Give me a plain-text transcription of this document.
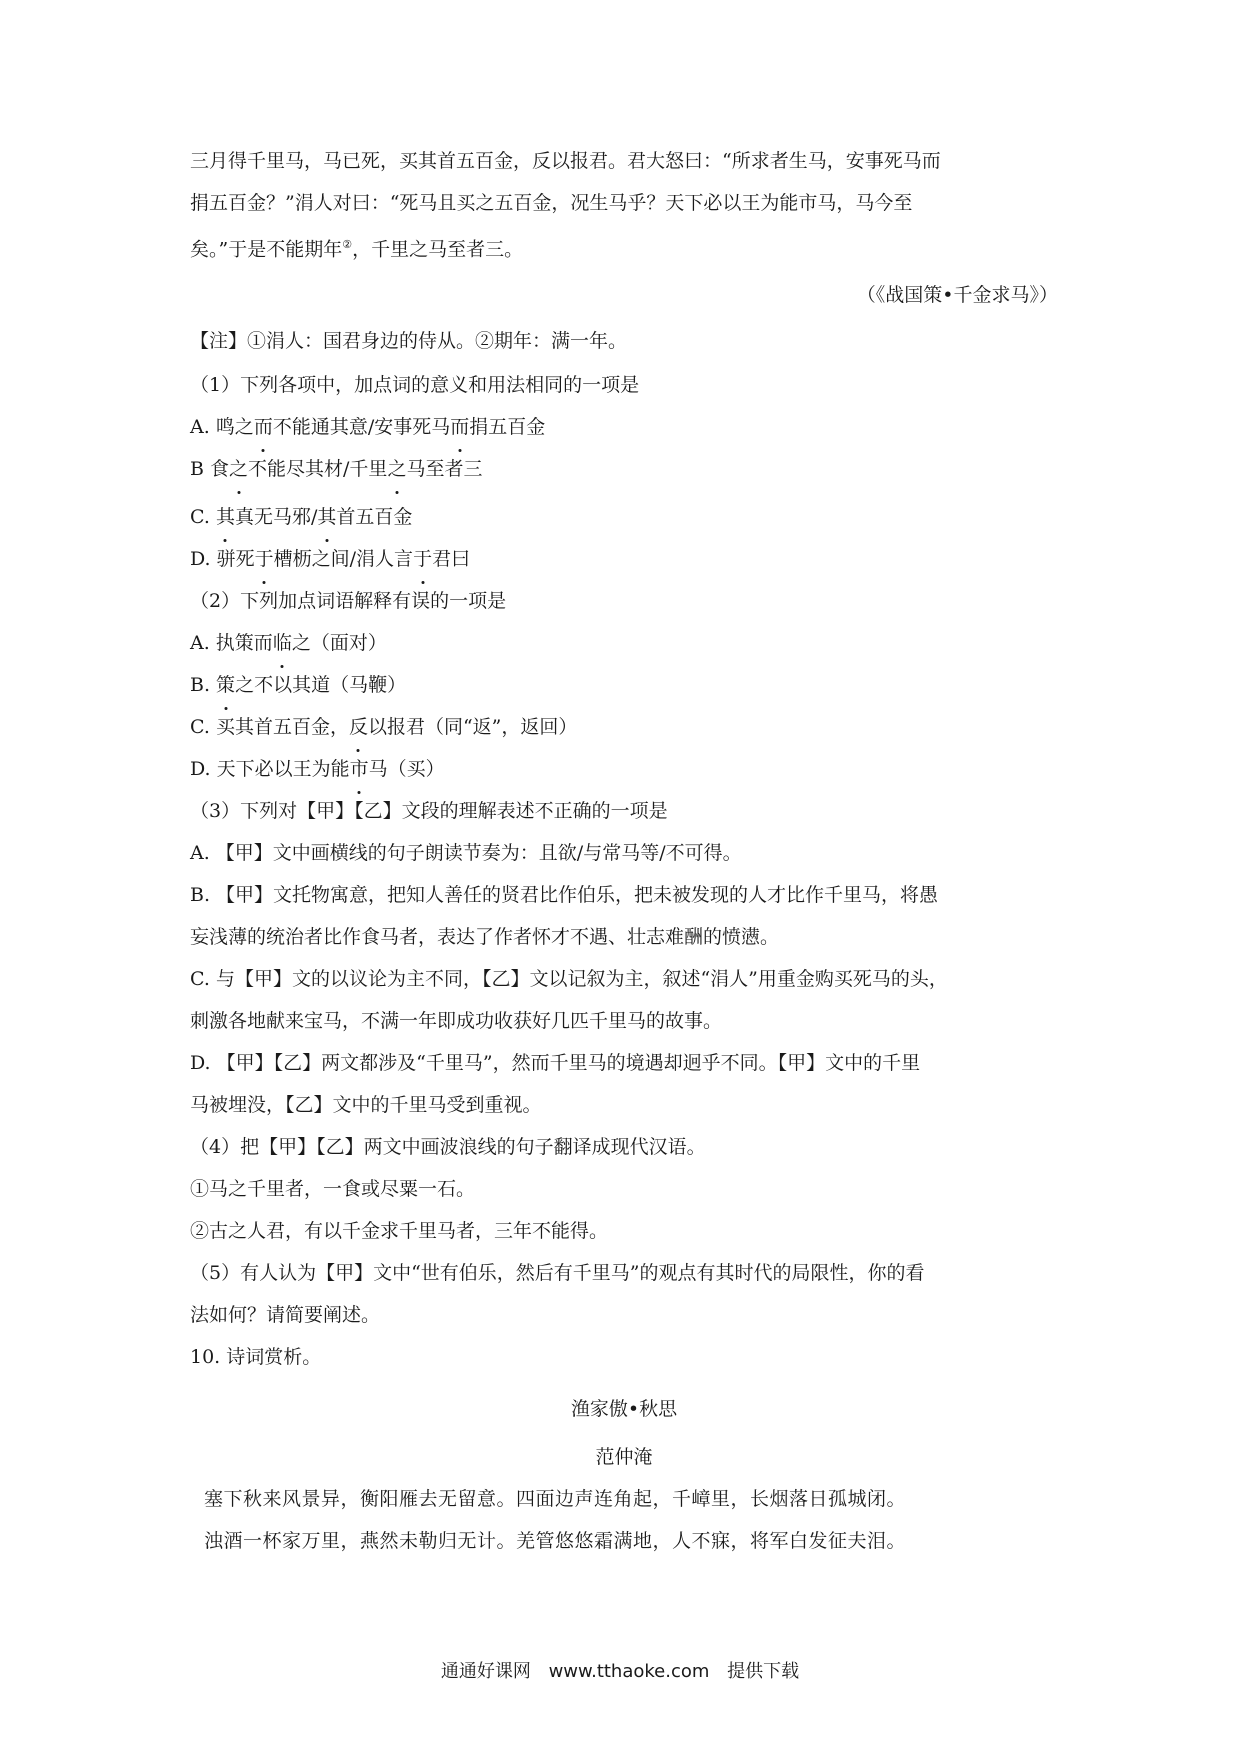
三月得千里马，马已死，买其首五百金，反以报君。君大怒曰：“所求者生马，安事死马而

捐五百金？”涓人对曰：“死马且买之五百金，况生马乎？天下必以王为能市马，马今至

矣。”于是不能期年②，千里之马至者三。

（《战国策•千金求马》）

【注】①涓人：国君身边的侍从。②期年：满一年。

（1）下列各项中，加点词的意义和用法相同的一项是

A. 鸣之而不能通其意/安事死马而捐五百金

B 食之不能尽其材/千里之马至者三

C. 其真无马邪/其首五百金

D. 骈死于槽枥之间/涓人言于君曰

（2）下列加点词语解释有误的一项是

A. 执策而临之（面对）

B. 策之不以其道（马鞭）

C. 买其首五百金，反以报君（同“返”，返回）

D. 天下必以王为能市马（买）

（3）下列对【甲】【乙】文段的理解表述不正确的一项是

A. 【甲】文中画横线的句子朗读节奏为：且欲/与常马等/不可得。

B. 【甲】文托物寓意，把知人善任的贤君比作伯乐，把未被发现的人才比作千里马，将愚

妄浅薄的统治者比作食马者，表达了作者怀才不遇、壮志难酬的愤懑。

C. 与【甲】文的以议论为主不同，【乙】文以记叙为主，叙述“涓人”用重金购买死马的头，

刺激各地献来宝马，不满一年即成功收获好几匹千里马的故事。

D. 【甲】【乙】两文都涉及“千里马”，然而千里马的境遇却迥乎不同。【甲】文中的千里

马被埋没，【乙】文中的千里马受到重视。

（4）把【甲】【乙】两文中画波浪线的句子翻译成现代汉语。

①马之千里者，一食或尽粟一石。

②古之人君，有以千金求千里马者，三年不能得。

（5）有人认为【甲】文中“世有伯乐，然后有千里马”的观点有其时代的局限性，你的看

法如何？请简要阐述。

10. 诗词赏析。

渔家傲•秋思
范仲淹

塞下秋来风景异，衡阳雁去无留意。四面边声连角起，千嶂里，长烟落日孤城闭。

浊酒一杯家万里，燕然未勒归无计。羌管悠悠霜满地，人不寐，将军白发征夫泪。

通通好课网 www.tthaoke.com 提供下载
